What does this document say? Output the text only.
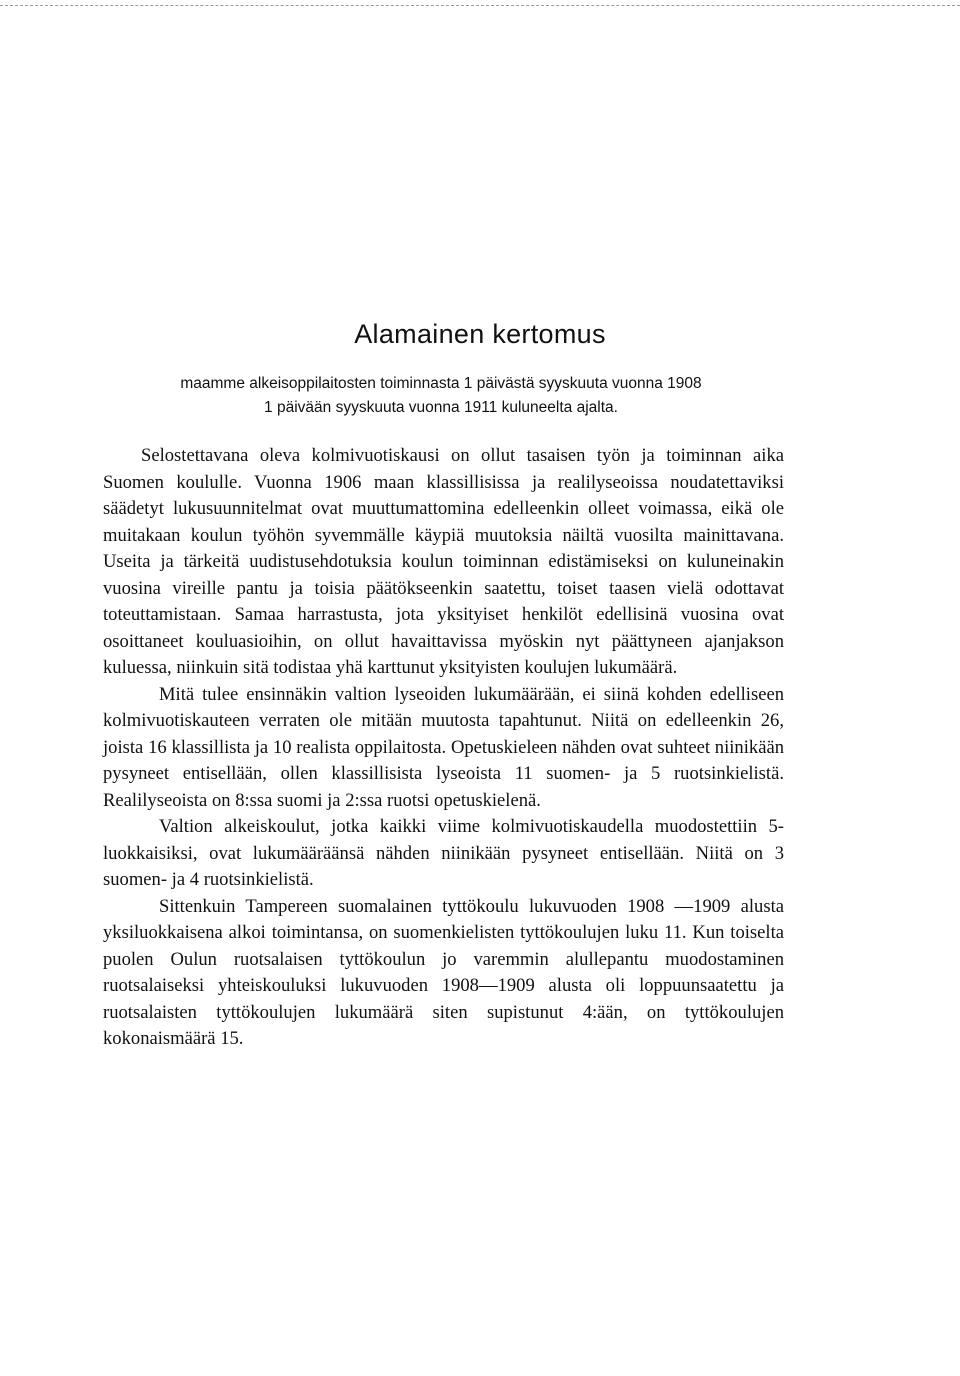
Alamainen kertomus
maamme alkeisoppilaitosten toiminnasta 1 päivästä syyskuuta vuonna 1908
1 päivään syyskuuta vuonna 1911 kuluneelta ajalta.

Selostettavana oleva kolmivuotiskausi on ollut tasaisen työn ja toiminnan aika Suomen koululle. Vuonna 1906 maan klassillisissa ja realilyseoissa noudatettaviksi säädetyt lukusuunnitelmat ovat muuttumattomina edelleenkin olleet voimassa, eikä ole muitakaan koulun työhön syvemmälle käypiä muutoksia näiltä vuosilta mainittavana. Useita ja tärkeitä uudistusehdotuksia koulun toiminnan edistämiseksi on kuluneinakin vuosina vireille pantu ja toisia päätökseenkin saatettu, toiset taasen vielä odottavat toteuttamistaan. Samaa harrastusta, jota yksityiset henkilöt edellisinä vuosina ovat osoittaneet kouluasioihin, on ollut havaittavissa myöskin nyt päättyneen ajanjakson kuluessa, niinkuin sitä todistaa yhä karttunut yksityisten koulujen lukumäärä.

Mitä tulee ensinnäkin valtion lyseoiden lukumäärään, ei siinä kohden edelliseen kolmivuotiskauteen verraten ole mitään muutosta tapahtunut. Niitä on edelleenkin 26, joista 16 klassillista ja 10 realista oppilaitosta. Opetuskieleen nähden ovat suhteet niinikään pysyneet entisellään, ollen klassillisista lyseoista 11 suomen- ja 5 ruotsinkielistä. Realilyseoista on 8:ssa suomi ja 2:ssa ruotsi opetuskielenä.

Valtion alkeiskoulut, jotka kaikki viime kolmivuotiskaudella muodostettiin 5-luokkaisiksi, ovat lukumääräänsä nähden niinikään pysyneet entisellään. Niitä on 3 suomen- ja 4 ruotsinkielistä.

Sittenkuin Tampereen suomalainen tyttökoulu lukuvuoden 1908 —1909 alusta yksiluokkaisena alkoi toimintansa, on suomenkielisten tyttökoulujen luku 11. Kun toiselta puolen Oulun ruotsalaisen tyttökoulun jo varemmin alullepantu muodostaminen ruotsalaiseksi yhteiskouluksi lukuvuoden 1908—1909 alusta oli loppuunsaatettu ja ruotsalaisten tyttökoulujen lukumäärä siten supistunut 4:ään, on tyttökoulujen kokonaismäärä 15.
